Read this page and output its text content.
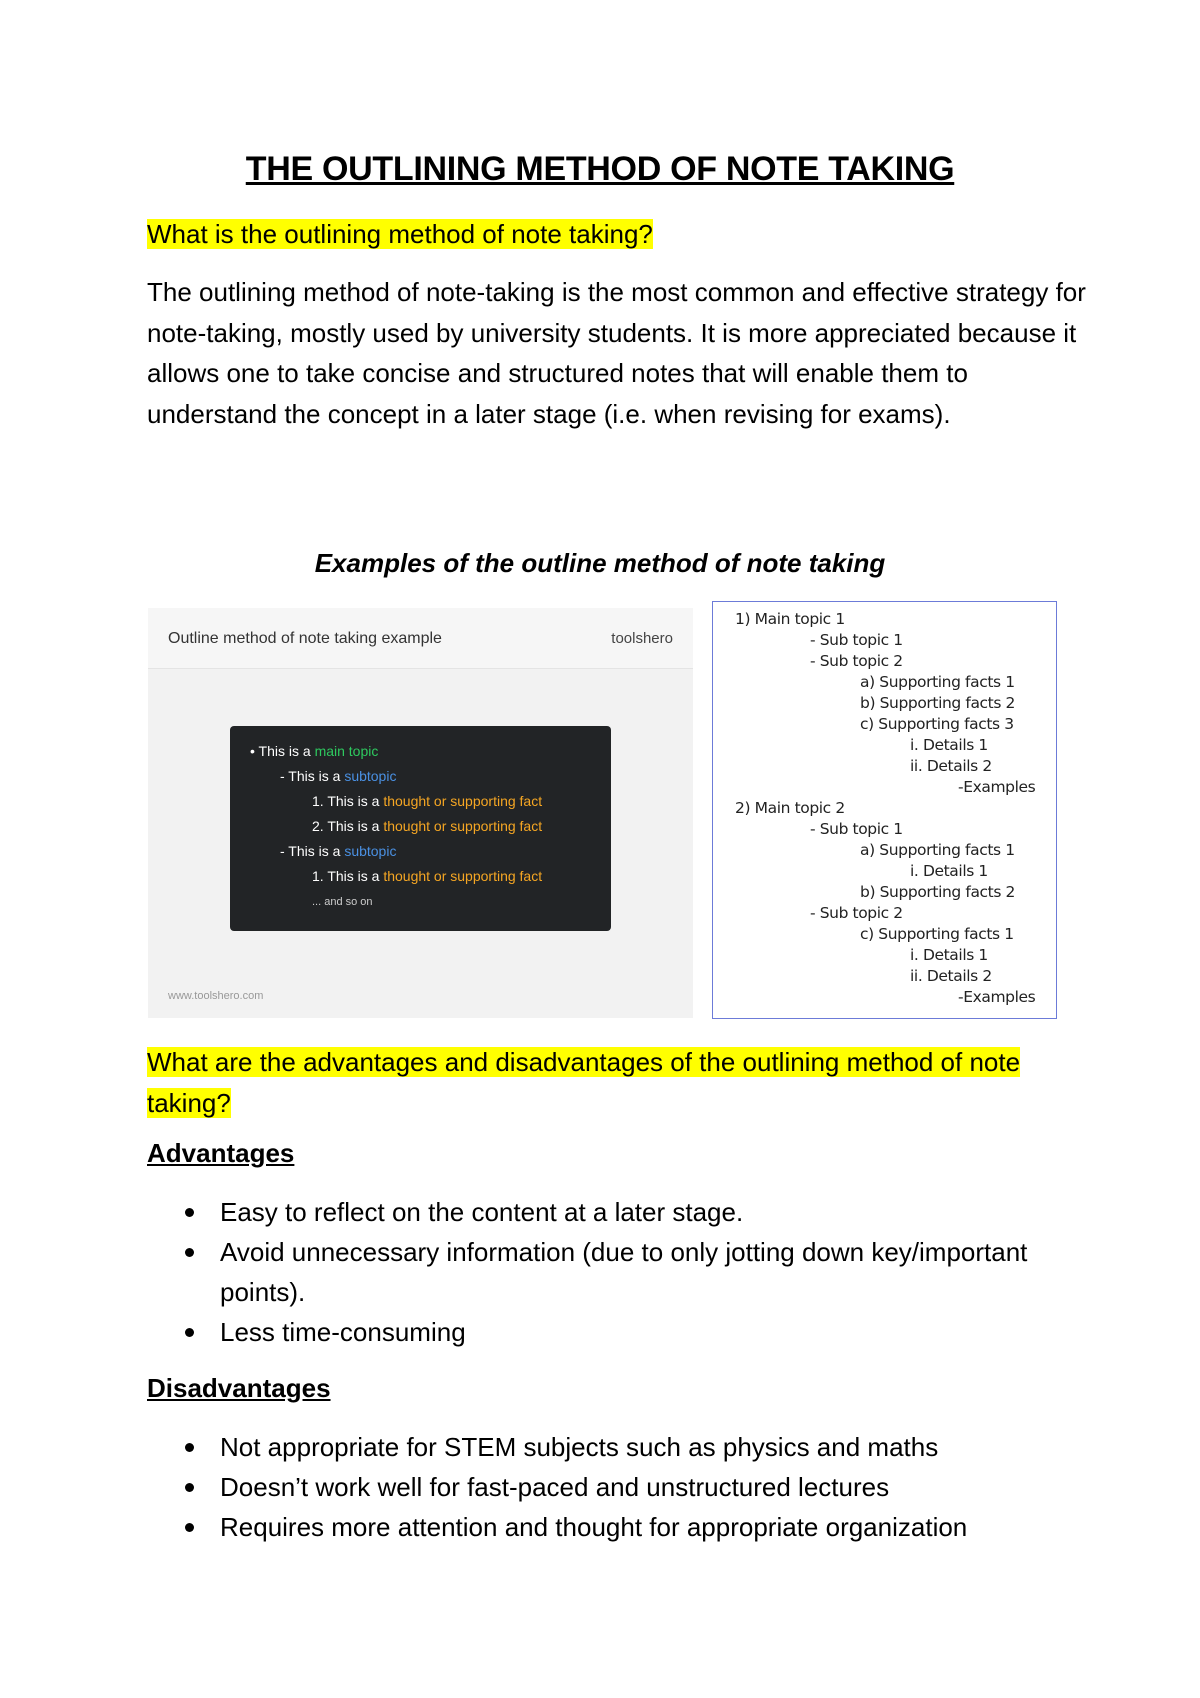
THE OUTLINING METHOD OF NOTE TAKING
What is the outlining method of note taking?
The outlining method of note-taking is the most common and effective strategy for note-taking, mostly used by university students. It is more appreciated because it allows one to take concise and structured notes that will enable them to understand the concept in a later stage (i.e. when revising for exams).
Examples of the outline method of note taking
Outline method of note taking example	toolshero
• This is a main topic
- This is a subtopic
1. This is a thought or supporting fact
2. This is a thought or supporting fact
- This is a subtopic
1. This is a thought or supporting fact
... and so on
www.toolshero.com
1) Main topic 1
- Sub topic 1
- Sub topic 2
a) Supporting facts 1
b) Supporting facts 2
c) Supporting facts 3
i. Details 1
ii. Details 2
-Examples
2) Main topic 2
- Sub topic 1
a) Supporting facts 1
i. Details 1
b) Supporting facts 2
- Sub topic 2
c) Supporting facts 1
i. Details 1
ii. Details 2
-Examples
What are the advantages and disadvantages of the outlining method of note taking?
Advantages
Easy to reflect on the content at a later stage.
Avoid unnecessary information (due to only jotting down key/important points).
Less time-consuming
Disadvantages
Not appropriate for STEM subjects such as physics and maths
Doesn’t work well for fast-paced and unstructured lectures
Requires more attention and thought for appropriate organization
